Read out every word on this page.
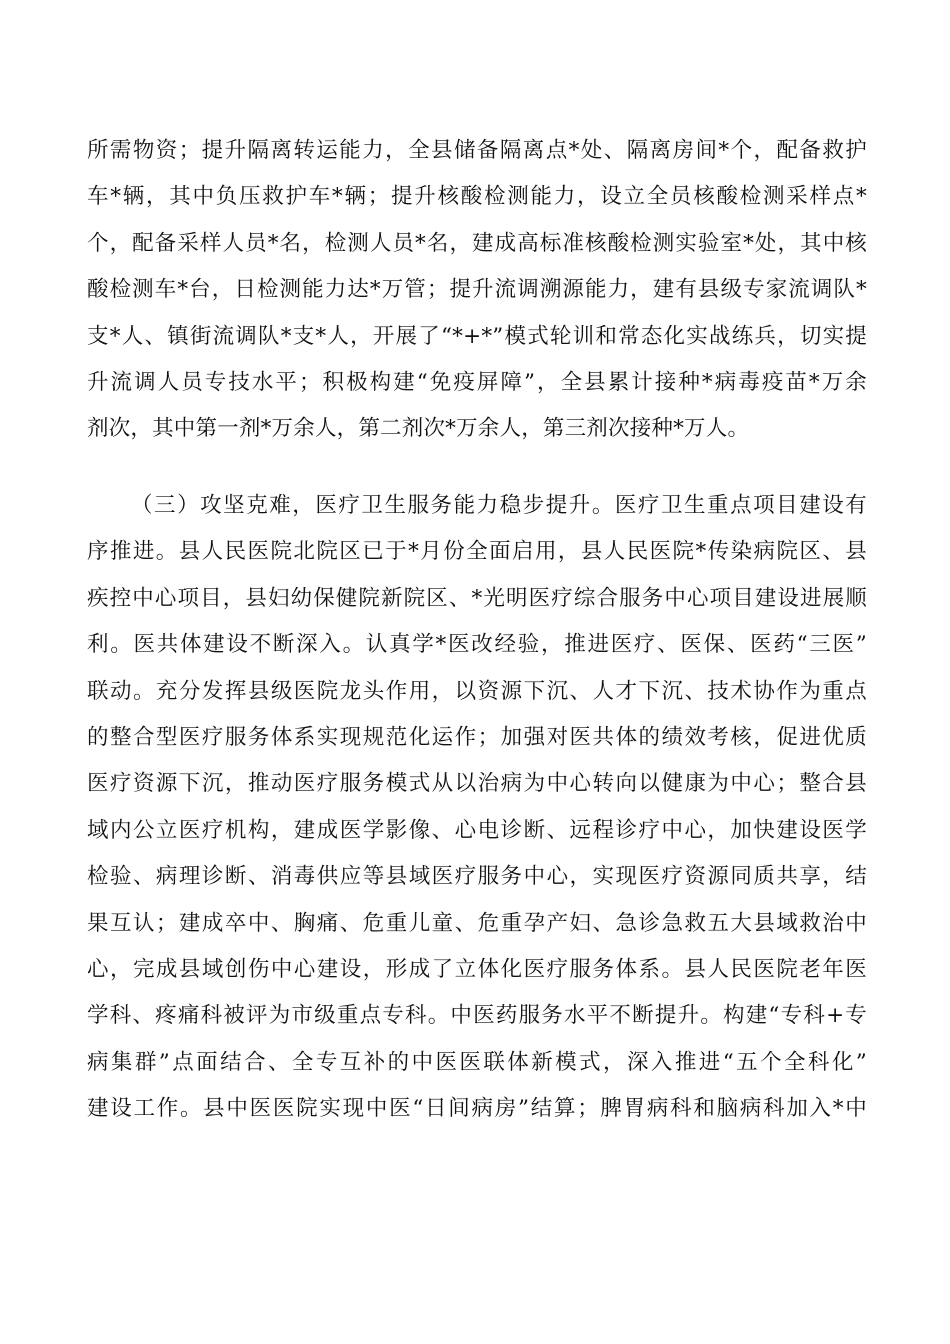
所需物资；提升隔离转运能力，全县储备隔离点*处、隔离房间*个，配备救护
车*辆，其中负压救护车*辆；提升核酸检测能力，设立全员核酸检测采样点*
个，配备采样人员*名，检测人员*名，建成高标准核酸检测实验室*处，其中核
酸检测车*台，日检测能力达*万管；提升流调溯源能力，建有县级专家流调队*
支*人、镇街流调队*支*人，开展了“*+*”模式轮训和常态化实战练兵，切实提
升流调人员专技水平；积极构建“免疫屏障”，全县累计接种*病毒疫苗*万余
剂次，其中第一剂*万余人，第二剂次*万余人，第三剂次接种*万人。
（三）攻坚克难，医疗卫生服务能力稳步提升。医疗卫生重点项目建设有
序推进。县人民医院北院区已于*月份全面启用，县人民医院*传染病院区、县
疾控中心项目，县妇幼保健院新院区、*光明医疗综合服务中心项目建设进展顺
利。医共体建设不断深入。认真学*医改经验，推进医疗、医保、医药“三医”
联动。充分发挥县级医院龙头作用，以资源下沉、人才下沉、技术协作为重点
的整合型医疗服务体系实现规范化运作；加强对医共体的绩效考核，促进优质
医疗资源下沉，推动医疗服务模式从以治病为中心转向以健康为中心；整合县
域内公立医疗机构，建成医学影像、心电诊断、远程诊疗中心，加快建设医学
检验、病理诊断、消毒供应等县域医疗服务中心，实现医疗资源同质共享，结
果互认；建成卒中、胸痛、危重儿童、危重孕产妇、急诊急救五大县域救治中
心，完成县域创伤中心建设，形成了立体化医疗服务体系。县人民医院老年医
学科、疼痛科被评为市级重点专科。中医药服务水平不断提升。构建“专科+专
病集群”点面结合、全专互补的中医医联体新模式，深入推进“五个全科化”
建设工作。县中医医院实现中医“日间病房”结算；脾胃病科和脑病科加入*中
